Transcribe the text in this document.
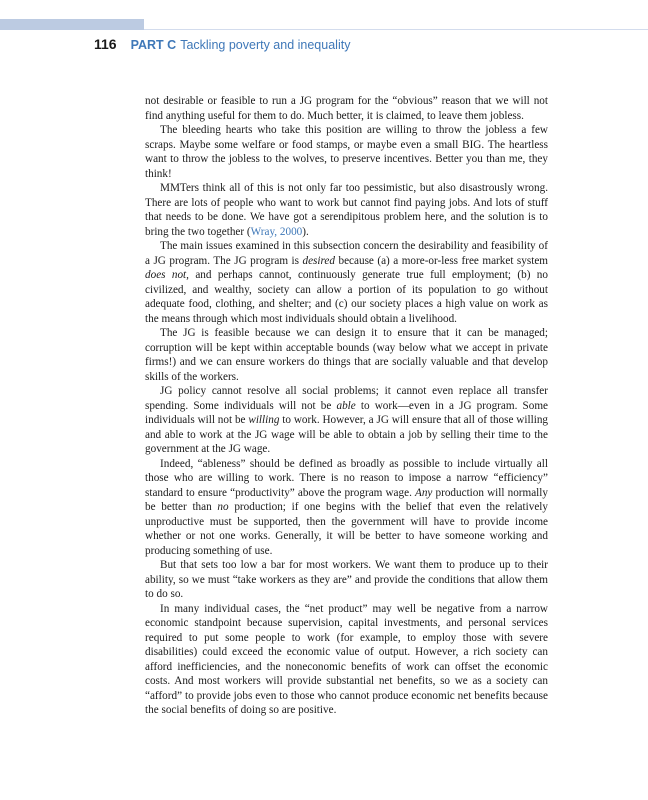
116 PART C Tackling poverty and inequality

not desirable or feasible to run a JG program for the “obvious” reason that we will not find anything useful for them to do. Much better, it is claimed, to leave them jobless.

The bleeding hearts who take this position are willing to throw the jobless a few scraps. Maybe some welfare or food stamps, or maybe even a small BIG. The heartless want to throw the jobless to the wolves, to preserve incentives. Better you than me, they think!

MMTers think all of this is not only far too pessimistic, but also disastrously wrong. There are lots of people who want to work but cannot find paying jobs. And lots of stuff that needs to be done. We have got a serendipitous problem here, and the solution is to bring the two together (Wray, 2000).

The main issues examined in this subsection concern the desirability and feasibility of a JG program. The JG program is desired because (a) a more-or-less free market system does not, and perhaps cannot, continuously generate true full employment; (b) no civilized, and wealthy, society can allow a portion of its population to go without adequate food, clothing, and shelter; and (c) our society places a high value on work as the means through which most individuals should obtain a livelihood.

The JG is feasible because we can design it to ensure that it can be managed; corruption will be kept within acceptable bounds (way below what we accept in private firms!) and we can ensure workers do things that are socially valuable and that develop skills of the workers.

JG policy cannot resolve all social problems; it cannot even replace all transfer spending. Some individuals will not be able to work—even in a JG program. Some individuals will not be willing to work. However, a JG will ensure that all of those willing and able to work at the JG wage will be able to obtain a job by selling their time to the government at the JG wage.

Indeed, “ableness” should be defined as broadly as possible to include virtually all those who are willing to work. There is no reason to impose a narrow “efficiency” standard to ensure “productivity” above the program wage. Any production will normally be better than no production; if one begins with the belief that even the relatively unproductive must be supported, then the government will have to provide income whether or not one works. Generally, it will be better to have someone working and producing something of use.

But that sets too low a bar for most workers. We want them to produce up to their ability, so we must “take workers as they are” and provide the conditions that allow them to do so.

In many individual cases, the “net product” may well be negative from a narrow economic standpoint because supervision, capital investments, and personal services required to put some people to work (for example, to employ those with severe disabilities) could exceed the economic value of output. However, a rich society can afford inefficiencies, and the noneconomic benefits of work can offset the economic costs. And most workers will provide substantial net benefits, so we as a society can “afford” to provide jobs even to those who cannot produce economic net benefits because the social benefits of doing so are positive.
